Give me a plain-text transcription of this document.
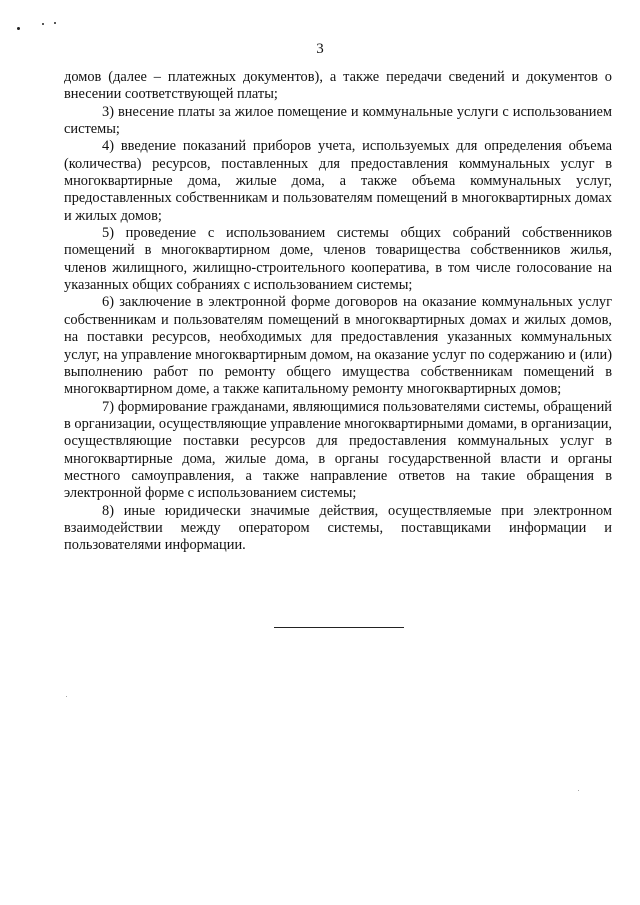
3

домов (далее – платежных документов), а также передачи сведений и документов о внесении соответствующей платы;

3) внесение платы за жилое помещение и коммунальные услуги с использованием системы;

4) введение показаний приборов учета, используемых для определения объема (количества) ресурсов, поставленных для предоставления коммунальных услуг в многоквартирные дома, жилые дома, а также объема коммунальных услуг, предоставленных собственникам и пользователям помещений в многоквартирных домах и жилых домов;

5) проведение с использованием системы общих собраний собственников помещений в многоквартирном доме, членов товарищества собственников жилья, членов жилищного, жилищно-строительного кооператива, в том числе голосование на указанных общих собраниях с использованием системы;

6) заключение в электронной форме договоров на оказание коммунальных услуг собственникам и пользователям помещений в многоквартирных домах и жилых домов, на поставки ресурсов, необходимых для предоставления указанных коммунальных услуг, на управление многоквартирным домом, на оказание услуг по содержанию и (или) выполнению работ по ремонту общего имущества собственникам помещений в многоквартирном доме, а также капитальному ремонту многоквартирных домов;

7) формирование гражданами, являющимися пользователями системы, обращений в организации, осуществляющие управление многоквартирными домами, в организации, осуществляющие поставки ресурсов для предоставления коммунальных услуг в многоквартирные дома, жилые дома, в органы государственной власти и органы местного самоуправления, а также направление ответов на такие обращения в электронной форме с использованием системы;

8) иные юридически значимые действия, осуществляемые при электронном взаимодействии между оператором системы, поставщиками информации и пользователями информации.
